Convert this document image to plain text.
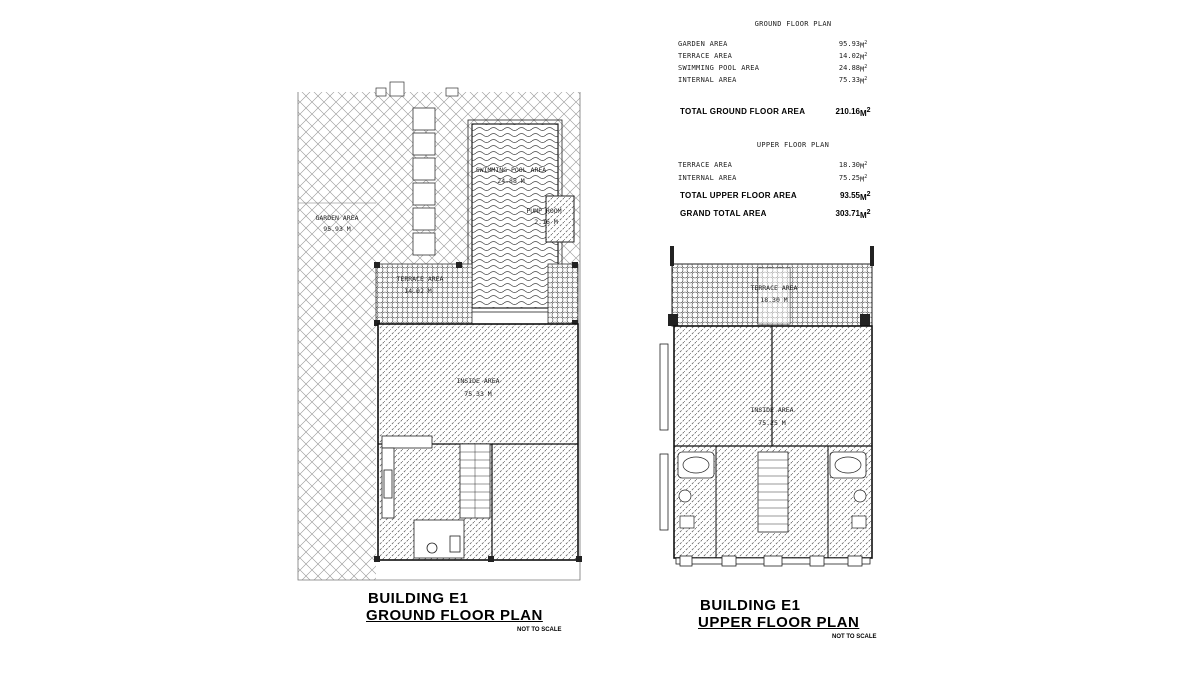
GARDEN AREA
95.93 M
SWIMMING POOL AREA
24.88 M
PUMP ROOM
2.16 M
TERRACE AREA
14.02 M
INSIDE AREA
75.33 M
TERRACE AREA
18.30 M
INSIDE AREA
75.25 M
GROUND FLOOR PLAN
GARDEN AREA	95.93 $M^2$
TERRACE AREA	14.02 $M^2$
SWIMMING POOL AREA	24.88 $M^2$
INTERNAL AREA	75.33 $M^2$
TOTAL GROUND FLOOR AREA	210.16 $M^2$
UPPER FLOOR PLAN
TERRACE AREA	18.30 $M^2$
INTERNAL AREA	75.25 $M^2$
TOTAL UPPER FLOOR AREA	93.55 $M^2$
GRAND TOTAL AREA	303.71 $M^2$
BUILDING E1
GROUND FLOOR PLAN
NOT TO SCALE
BUILDING E1
UPPER FLOOR PLAN
NOT TO SCALE
